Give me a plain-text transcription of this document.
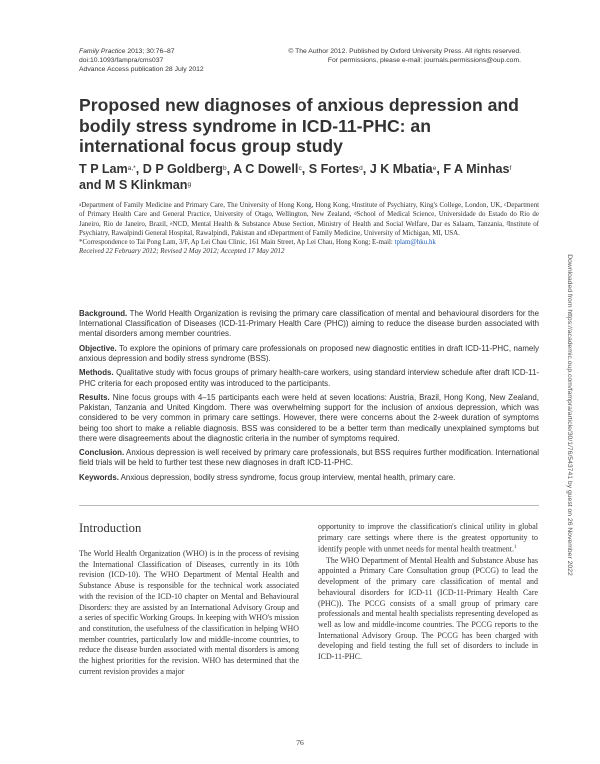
Family Practice 2013; 30:76–87
doi:10.1093/fampra/cms037
Advance Access publication 28 July 2012
© The Author 2012. Published by Oxford University Press. All rights reserved.
For permissions, please e-mail: journals.permissions@oup.com.
Proposed new diagnoses of anxious depression and bodily stress syndrome in ICD-11-PHC: an international focus group study
T P Lam$^{a,*}$, D P Goldberg$^b$, A C Dowell$^c$, S Fortes$^d$, J K Mbatia$^e$, F A Minhas$^f$
and M S Klinkman$^g$
$^a$Department of Family Medicine and Primary Care, The University of Hong Kong, Hong Kong, $^b$Institute of Psychiatry, King's College, London, UK, $^c$Department of Primary Health Care and General Practice, University of Otago, Wellington, New Zealand, $^d$School of Medical Science, Universidade do Estado do Rio de Janeiro, Rio de Janeiro, Brazil, $^e$NCD, Mental Health & Substance Abuse Section, Ministry of Health and Social Welfare, Dar es Salaam, Tanzania, $^f$Institute of Psychiatry, Rawalpindi General Hospital, Rawalpindi, Pakistan and $^g$Department of Family Medicine, University of Michigan, MI, USA.
*Correspondence to Tai Pong Lam, 3/F, Ap Lei Chau Clinic, 161 Main Street, Ap Lei Chau, Hong Kong; E-mail: tplam@hku.hk
Received 22 February 2012; Revised 2 May 2012; Accepted 17 May 2012

Background. The World Health Organization is revising the primary care classification of mental and behavioural disorders for the International Classification of Diseases (ICD-11-Primary Health Care (PHC)) aiming to reduce the disease burden associated with mental disorders among member countries.

Objective. To explore the opinions of primary care professionals on proposed new diagnostic entities in draft ICD-11-PHC, namely anxious depression and bodily stress syndrome (BSS).

Methods. Qualitative study with focus groups of primary health-care workers, using standard interview schedule after draft ICD-11-PHC criteria for each proposed entity was introduced to the participants.

Results. Nine focus groups with 4–15 participants each were held at seven locations: Austria, Brazil, Hong Kong, New Zealand, Pakistan, Tanzania and United Kingdom. There was overwhelming support for the inclusion of anxious depression, which was considered to be very common in primary care settings. However, there were concerns about the 2-week duration of symptoms being too short to make a reliable diagnosis. BSS was considered to be a better term than medically unexplained symptoms but there were disagreements about the diagnostic criteria in the number of symptoms required.

Conclusion. Anxious depression is well received by primary care professionals, but BSS requires further modification. International field trials will be held to further test these new diagnoses in draft ICD-11-PHC.

Keywords. Anxious depression, bodily stress syndrome, focus group interview, mental health, primary care.

Introduction

The World Health Organization (WHO) is in the process of revising the International Classification of Diseases, currently in its 10th revision (ICD-10). The WHO Department of Mental Health and Substance Abuse is responsible for the technical work associated with the revision of the ICD-10 chapter on Mental and Behavioural Disorders: they are assisted by an International Advisory Group and a series of specific Working Groups. In keeping with WHO's mission and constitution, the usefulness of the classification in helping WHO member countries, particularly low and middle-income countries, to reduce the disease burden associated with mental disorders is among the highest priorities for the revision. WHO has determined that the current revision provides a major

opportunity to improve the classification's clinical utility in global primary care settings where there is the greatest opportunity to identify people with unmet needs for mental health treatment.$^1$

The WHO Department of Mental Health and Substance Abuse has appointed a Primary Care Consultation group (PCCG) to lead the development of the primary care classification of mental and behavioural disorders for ICD-11 (ICD-11-Primary Health Care (PHC)). The PCCG consists of a small group of primary care professionals and mental health specialists representing developed as well as low and middle-income countries. The PCCG reports to the International Advisory Group. The PCCG has been charged with developing and field testing the full set of disorders to include in ICD-11-PHC.

76
Downloaded from https://academic.oup.com/fampra/article/30/1/76/543741 by guest on 26 November 2022
